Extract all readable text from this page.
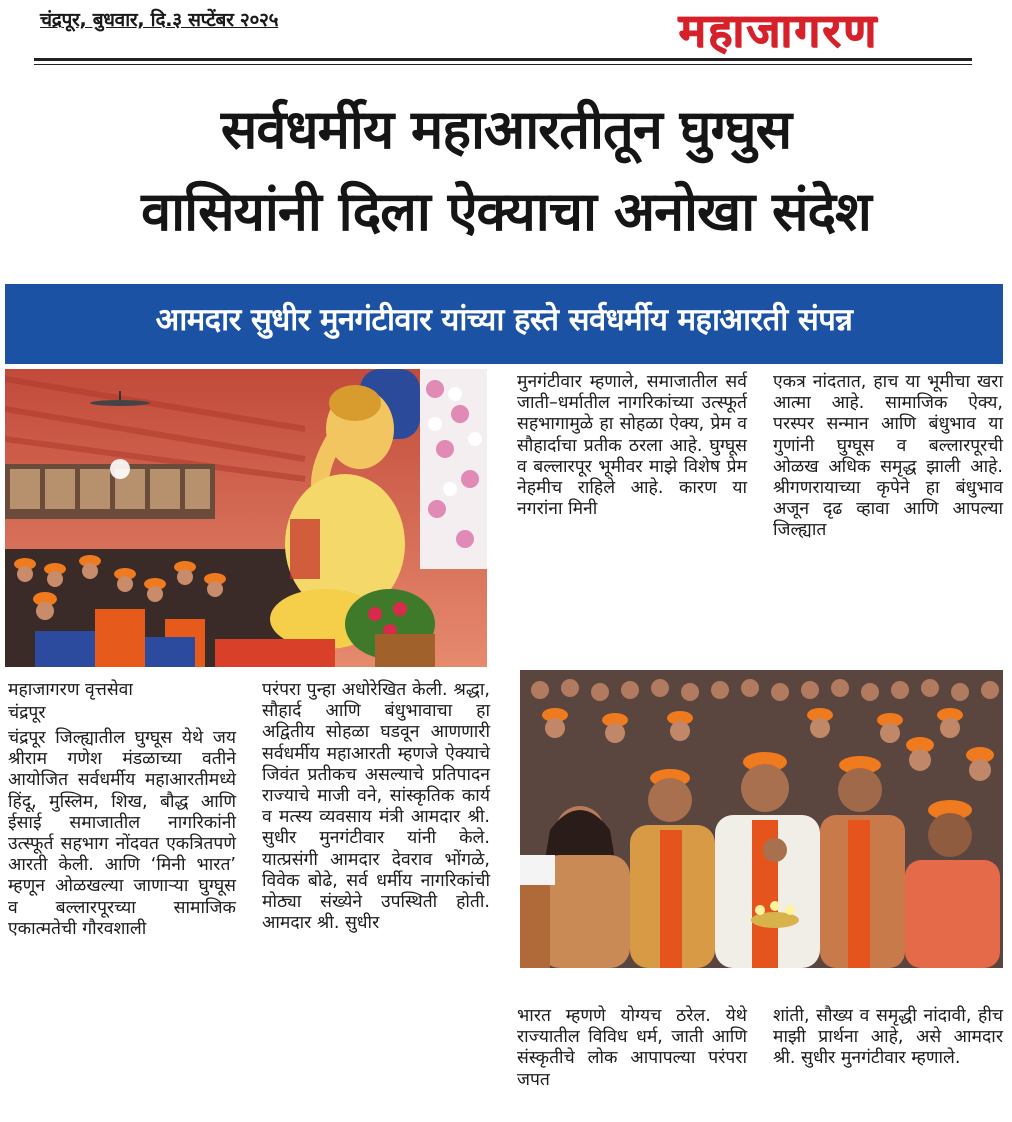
चंद्रपूर, बुधवार, दि.३ सप्टेंबर २०२५	महाजागरण
सर्वधर्मीय महाआरतीतून घुग्घुस
वासियांनी दिला ऐक्याचा अनोखा संदेश
आमदार सुधीर मुनगंटीवार यांच्या हस्ते सर्वधर्मीय महाआरती संपन्न
महाजागरण वृत्तसेवा
चंद्रपूर

चंद्रपूर जिल्ह्यातील घुग्घूस येथे जय श्रीराम गणेश मंडळाच्या वतीने आयोजित सर्वधर्मीय महाआरतीमध्ये हिंदू, मुस्लिम, शिख, बौद्ध आणि ईसाई समाजातील नागरिकांनी उत्स्फूर्त सहभाग नोंदवत एकत्रितपणे आरती केली. आणि ‘मिनी भारत’ म्हणून ओळखल्या जाणाऱ्या घुग्घूस व बल्लारपूरच्या सामाजिक एकात्मतेची गौरवशाली

परंपरा पुन्हा अधोरेखित केली. श्रद्धा, सौहार्द आणि बंधुभावाचा हा अद्वितीय सोहळा घडवून आणणारी सर्वधर्मीय महाआरती म्हणजे ऐक्याचे जिवंत प्रतीकच असल्याचे प्रतिपादन राज्याचे माजी वने, सांस्कृतिक कार्य व मत्स्य व्यवसाय मंत्री आमदार श्री. सुधीर मुनगंटीवार यांनी केले. यात्प्रसंगी आमदार देवराव भोंगळे, विवेक बोढे, सर्व धर्मीय नागरिकांची मोठ्या संख्येने उपस्थिती होती. आमदार श्री. सुधीर

मुनगंटीवार म्हणाले, समाजातील सर्व जाती–धर्मातील नागरिकांच्या उत्स्फूर्त सहभागामुळे हा सोहळा ऐक्य, प्रेम व सौहार्दाचा प्रतीक ठरला आहे. घुग्घूस व बल्लारपूर भूमीवर माझे विशेष प्रेम नेहमीच राहिले आहे. कारण या नगरांना मिनी

एकत्र नांदतात, हाच या भूमीचा खरा आत्मा आहे. सामाजिक ऐक्य, परस्पर सन्मान आणि बंधुभाव या गुणांनी घुग्घूस व बल्लारपूरची ओळख अधिक समृद्ध झाली आहे. श्रीगणरायाच्या कृपेने हा बंधुभाव अजून दृढ व्हावा आणि आपल्या जिल्ह्यात

भारत म्हणणे योग्यच ठरेल. येथे राज्यातील विविध धर्म, जाती आणि संस्कृतीचे लोक आपापल्या परंपरा जपत

शांती, सौख्य व समृद्धी नांदावी, हीच माझी प्रार्थना आहे, असे आमदार श्री. सुधीर मुनगंटीवार म्हणाले.
